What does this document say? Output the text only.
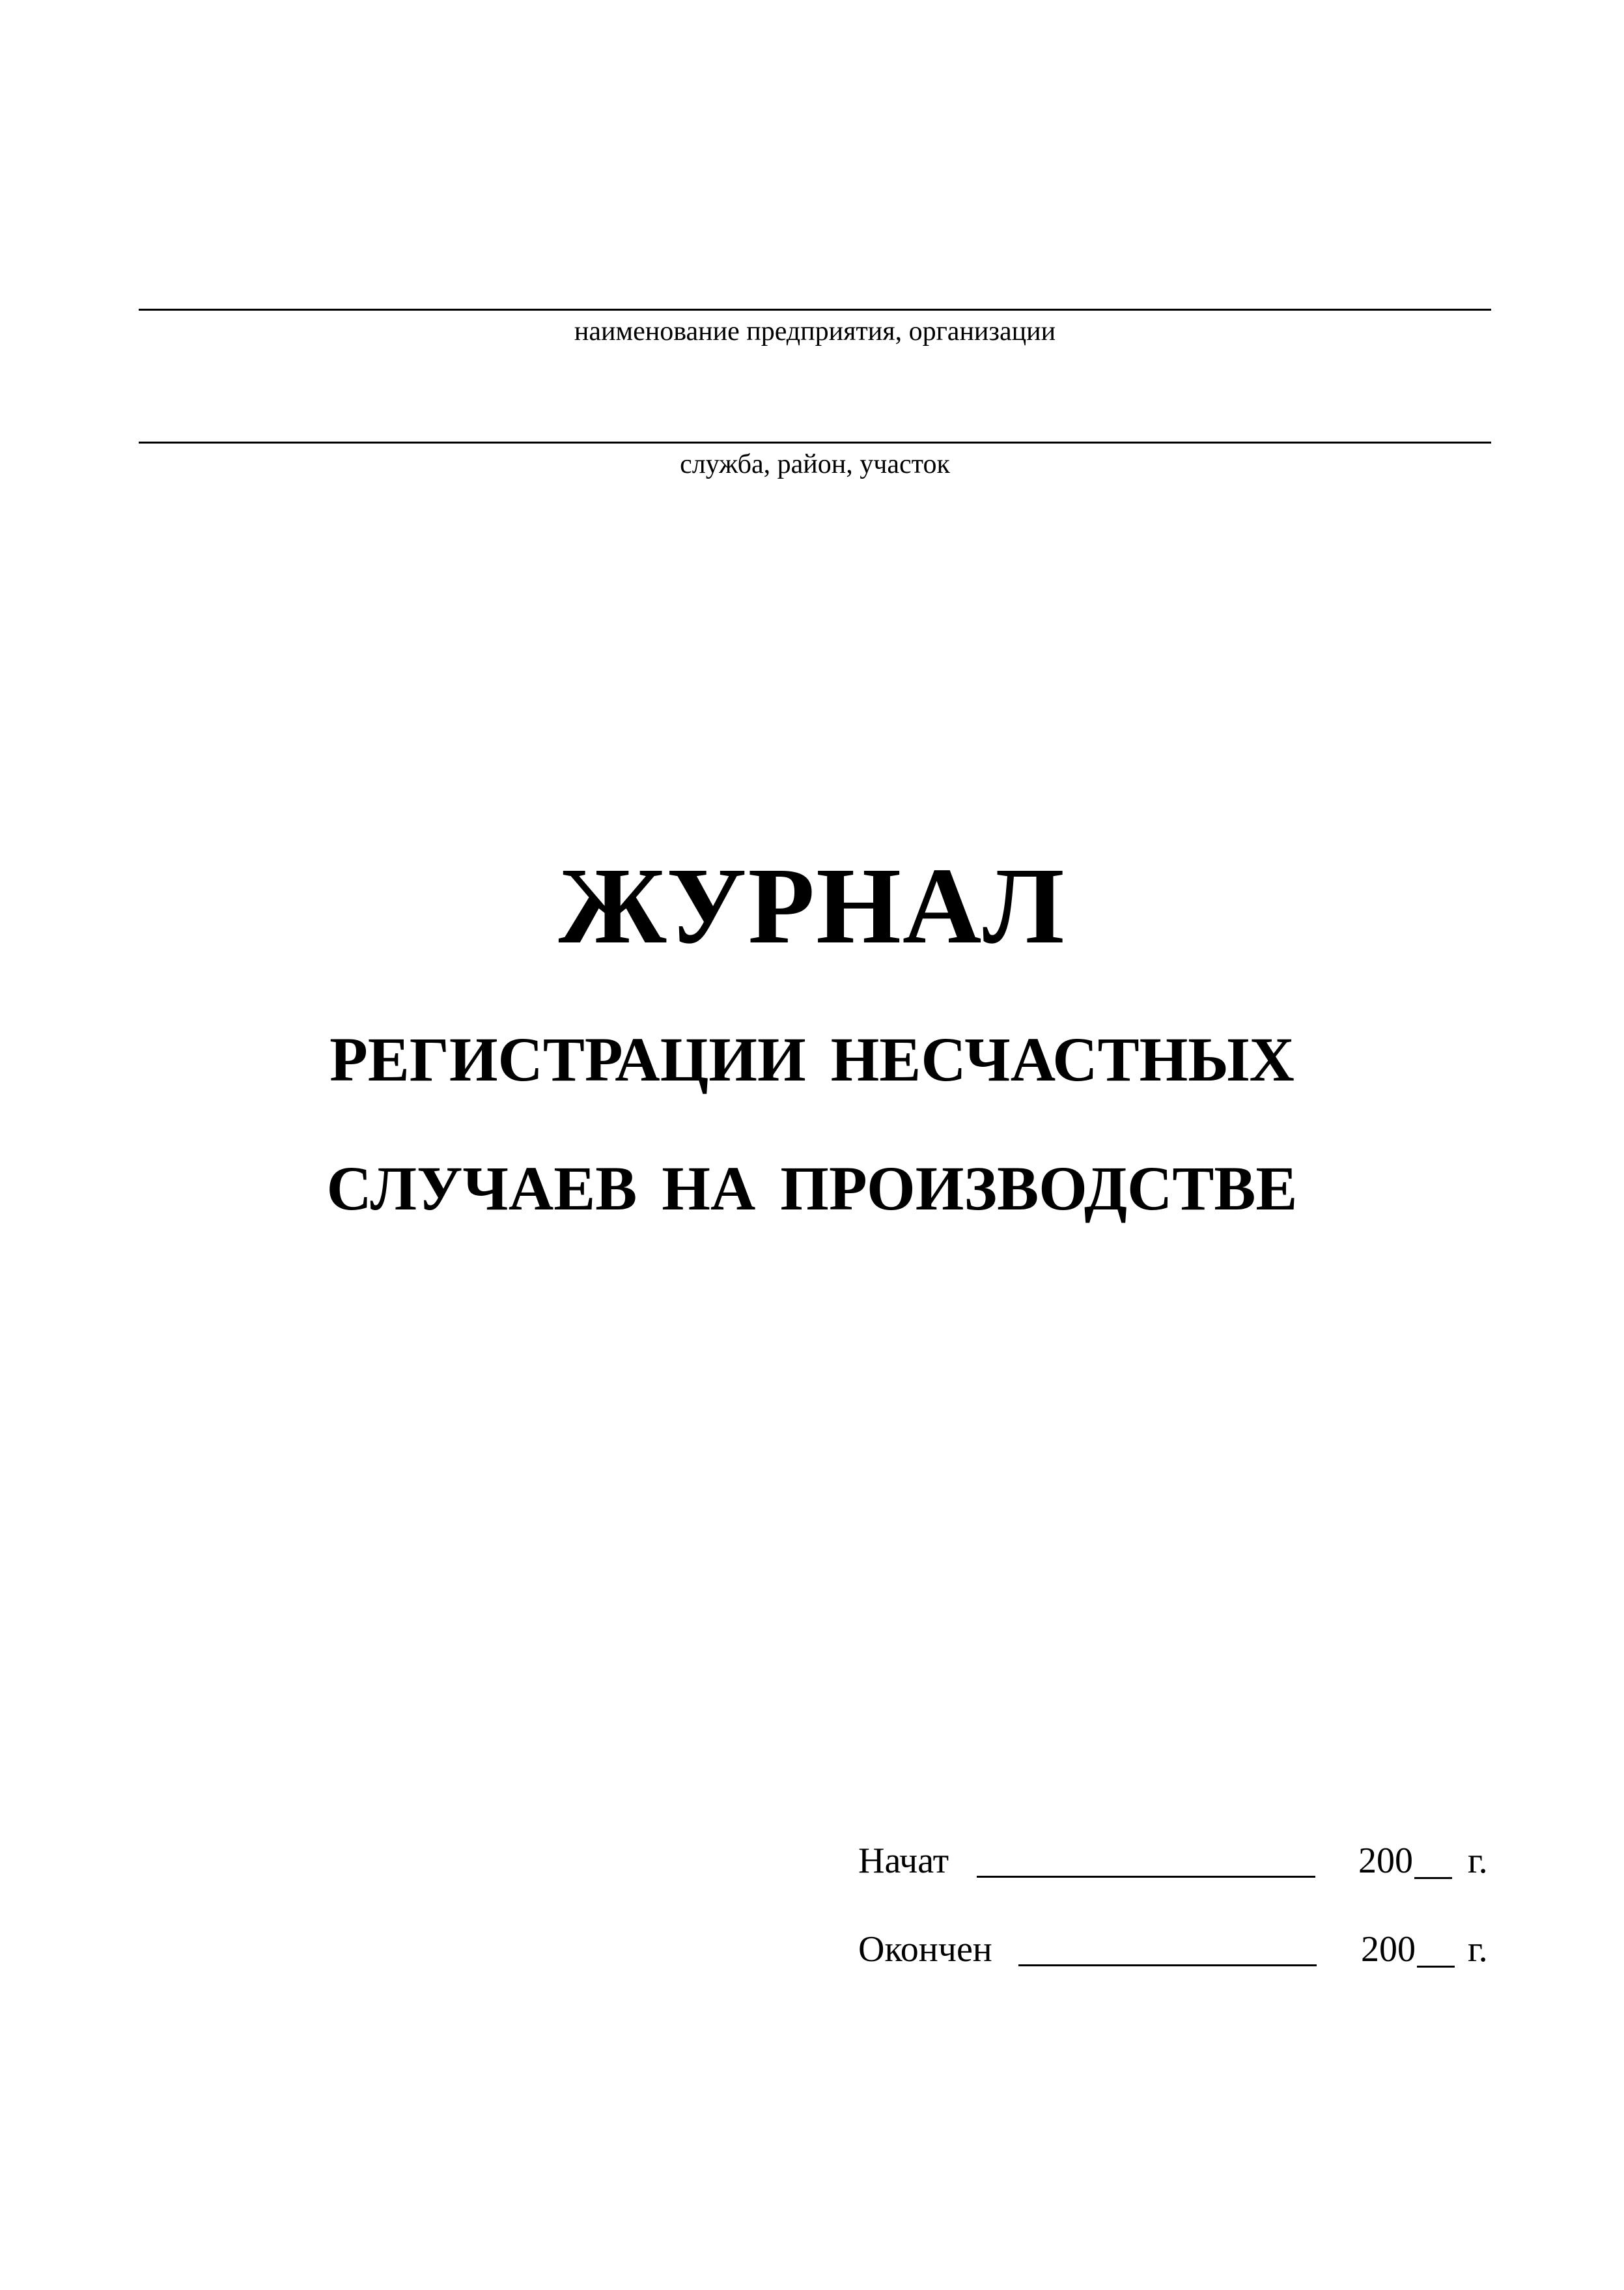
наименование предприятия, организации
служба, район, участок
ЖУРНАЛ
РЕГИСТРАЦИИ НЕСЧАСТНЫХ
СЛУЧАЕВ НА ПРОИЗВОДСТВЕ
Начат	200 г.
Окончен	200 г.
